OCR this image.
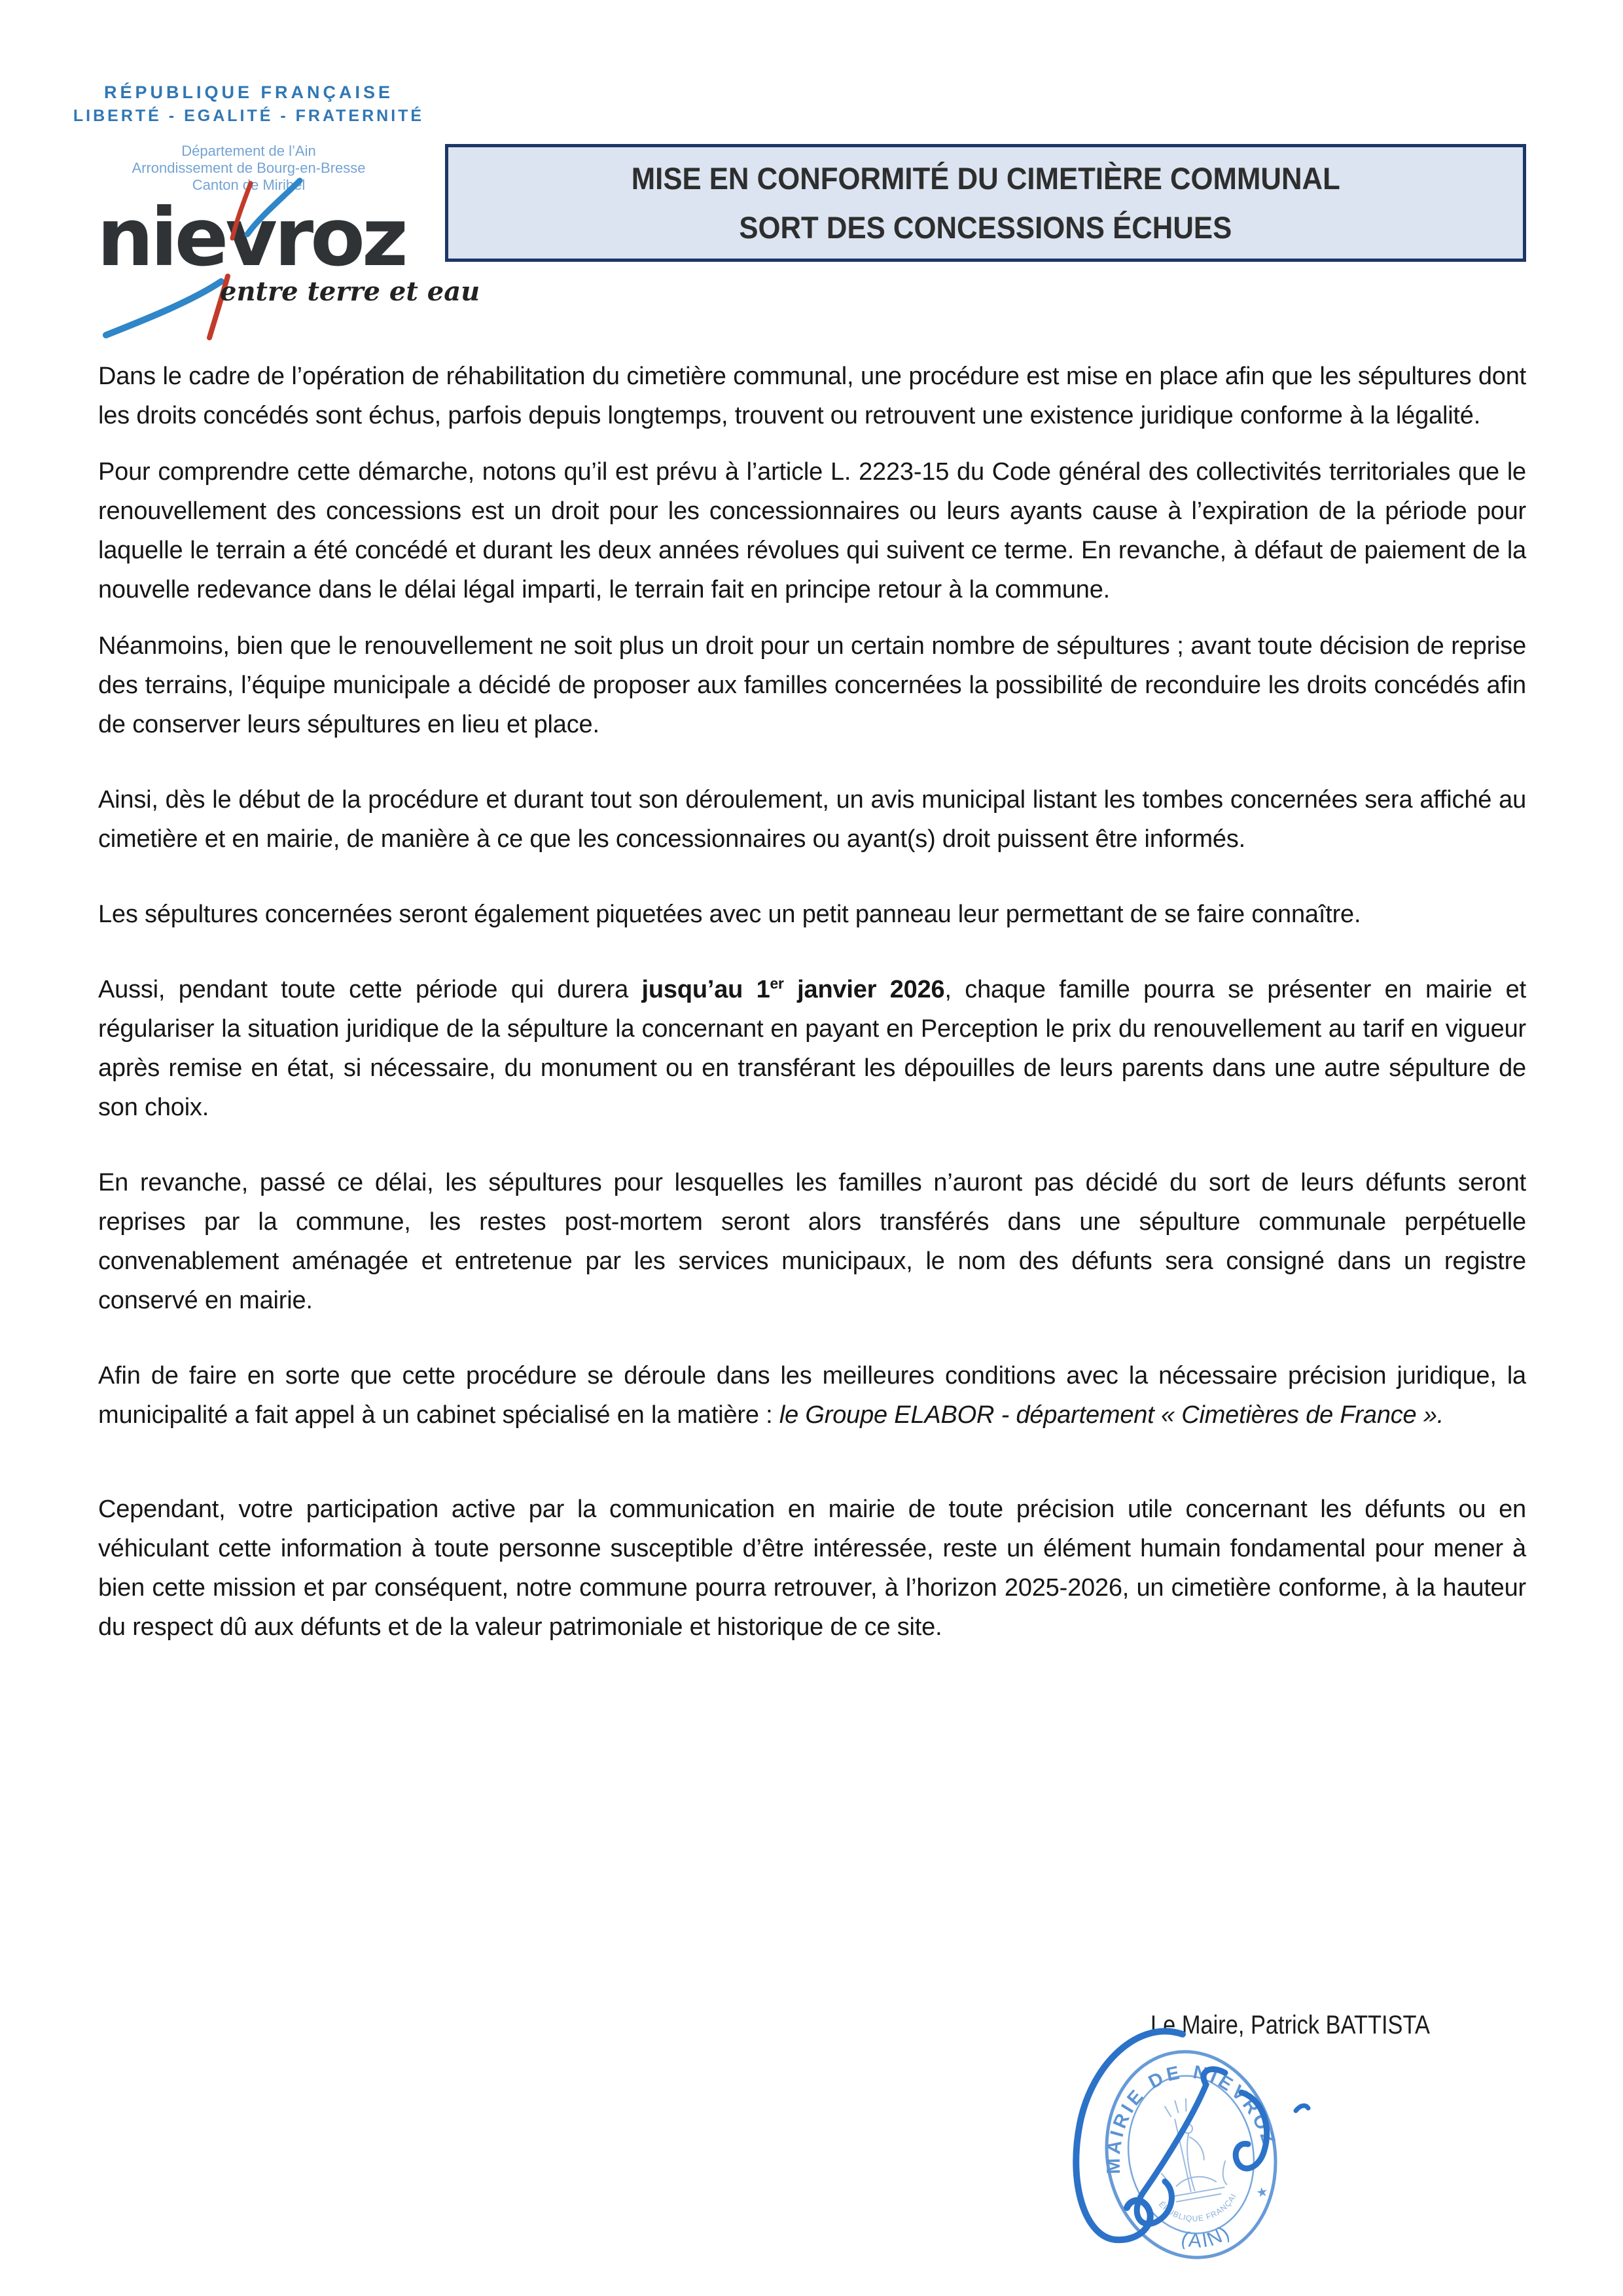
RÉPUBLIQUE FRANÇAISE
LIBERTÉ - EGALITÉ - FRATERNITÉ
Département de l’Ain
Arrondissement de Bourg-en-Bresse
Canton de Miribel
nievroz
entre terre et eau
MISE EN CONFORMITÉ DU CIMETIÈRE COMMUNAL
SORT DES CONCESSIONS ÉCHUES

Dans le cadre de l’opération de réhabilitation du cimetière communal, une procédure est mise en place afin que les sépultures dont les droits concédés sont échus, parfois depuis longtemps, trouvent ou retrouvent une existence juridique conforme à la légalité.

Pour comprendre cette démarche, notons qu’il est prévu à l’article L. 2223-15 du Code général des collectivités territoriales que le renouvellement des concessions est un droit pour les concessionnaires ou leurs ayants cause à l’expiration de la période pour laquelle le terrain a été concédé et durant les deux années révolues qui suivent ce terme. En revanche, à défaut de paiement de la nouvelle redevance dans le délai légal imparti, le terrain fait en principe retour à la commune.

Néanmoins, bien que le renouvellement ne soit plus un droit pour un certain nombre de sépultures ; avant toute décision de reprise des terrains, l’équipe municipale a décidé de proposer aux familles concernées la possibilité de reconduire les droits concédés afin de conserver leurs sépultures en lieu et place.

Ainsi, dès le début de la procédure et durant tout son déroulement, un avis municipal listant les tombes concernées sera affiché au cimetière et en mairie, de manière à ce que les concessionnaires ou ayant(s) droit puissent être informés.

Les sépultures concernées seront également piquetées avec un petit panneau leur permettant de se faire connaître.

Aussi, pendant toute cette période qui durera jusqu’au 1er janvier 2026, chaque famille pourra se présenter en mairie et régulariser la situation juridique de la sépulture la concernant en payant en Perception le prix du renouvellement au tarif en vigueur après remise en état, si nécessaire, du monument ou en transférant les dépouilles de leurs parents dans une autre sépulture de son choix.

En revanche, passé ce délai, les sépultures pour lesquelles les familles n’auront pas décidé du sort de leurs défunts seront reprises par la commune, les restes post-mortem seront alors transférés dans une sépulture communale perpétuelle convenablement aménagée et entretenue par les services municipaux, le nom des défunts sera consigné dans un registre conservé en mairie.

Afin de faire en sorte que cette procédure se déroule dans les meilleures conditions avec la nécessaire précision juridique, la municipalité a fait appel à un cabinet spécialisé en la matière : le Groupe ELABOR - département « Cimetières de France ».

Cependant, votre participation active par la communication en mairie de toute précision utile concernant les défunts ou en véhiculant cette information à toute personne susceptible d’être intéressée, reste un élément humain fondamental pour mener à bien cette mission et par conséquent, notre commune pourra retrouver, à l’horizon 2025-2026, un cimetière conforme, à la hauteur du respect dû aux défunts et de la valeur patrimoniale et historique de ce site.

Le Maire, Patrick BATTISTA
MAIRIE DE NIEVROZ
(AIN)
RÉPUBLIQUE FRANÇAISE
★
